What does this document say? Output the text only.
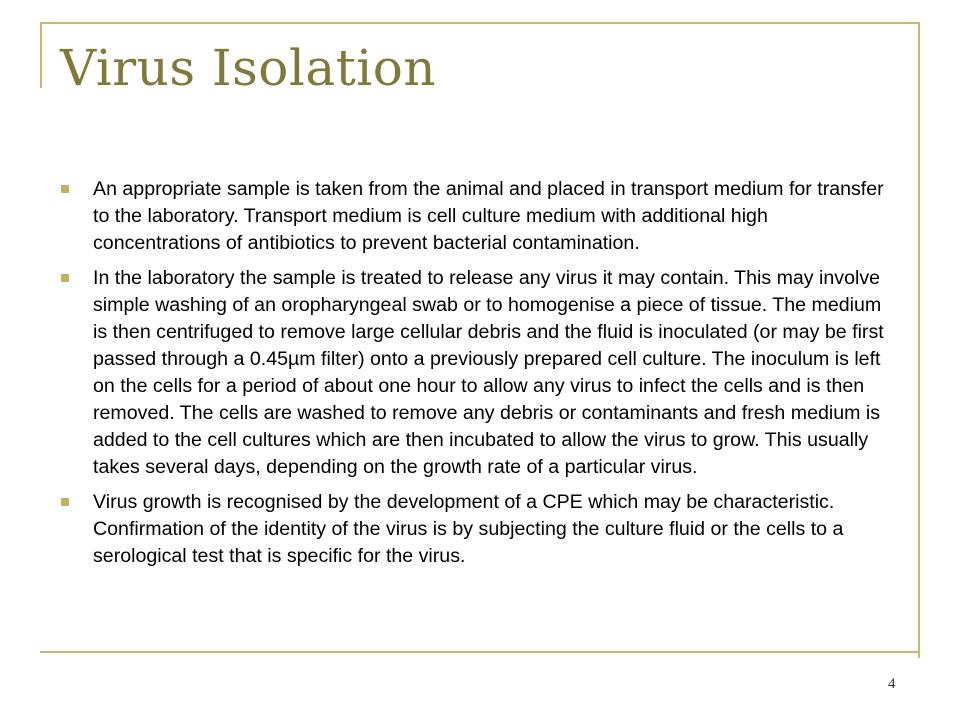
Virus Isolation
An appropriate sample is taken from the animal and placed in transport medium for transfer to the laboratory. Transport medium is cell culture medium with additional high concentrations of antibiotics to prevent bacterial contamination.
In the laboratory the sample is treated to release any virus it may contain. This may involve simple washing of an oropharyngeal swab or to homogenise a piece of tissue. The medium is then centrifuged to remove large cellular debris and the fluid is inoculated (or may be first passed through a 0.45µm filter) onto a previously prepared cell culture. The inoculum is left on the cells for a period of about one hour to allow any virus to infect the cells and is then removed. The cells are washed to remove any debris or contaminants and fresh medium is added to the cell cultures which are then incubated to allow the virus to grow. This usually takes several days, depending on the growth rate of a particular virus.
Virus growth is recognised by the development of a CPE which may be characteristic. Confirmation of the identity of the virus is by subjecting the culture fluid or the cells to a serological test that is specific for the virus.
4
